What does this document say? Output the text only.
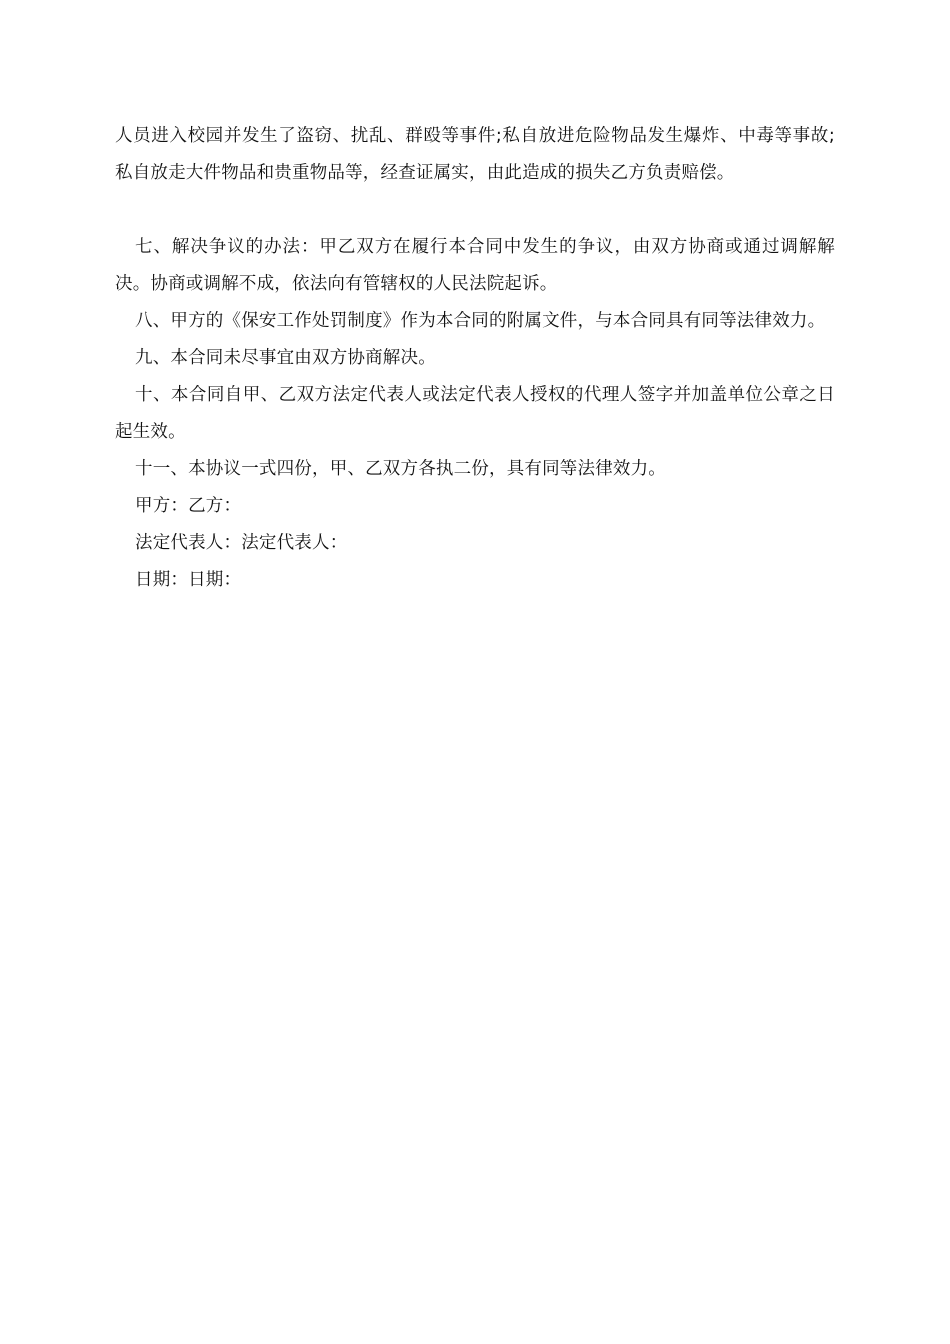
人员进入校园并发生了盗窃、扰乱、群殴等事件;私自放进危险物品发生爆炸、中毒等事故;私自放走大件物品和贵重物品等，经查证属实，由此造成的损失乙方负责赔偿。

七、解决争议的办法：甲乙双方在履行本合同中发生的争议，由双方协商或通过调解解决。协商或调解不成，依法向有管辖权的人民法院起诉。

八、甲方的《保安工作处罚制度》作为本合同的附属文件，与本合同具有同等法律效力。

九、本合同未尽事宜由双方协商解决。

十、本合同自甲、乙双方法定代表人或法定代表人授权的代理人签字并加盖单位公章之日起生效。

十一、本协议一式四份，甲、乙双方各执二份，具有同等法律效力。

甲方：乙方：

法定代表人：法定代表人：

日期：日期：
